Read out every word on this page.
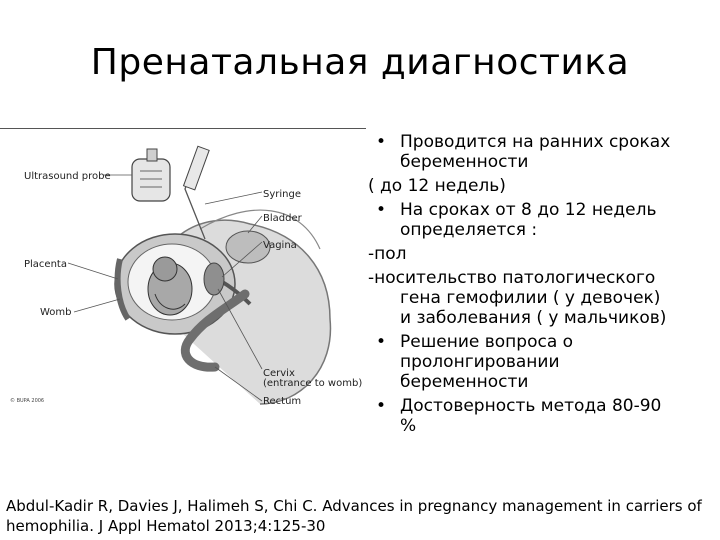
Пренатальная диагностика
Ultrasound probe
Syringe
Bladder
Vagina
Placenta
Womb
Cervix
(entrance to womb)
Rectum
© BUPA 2006
• Проводится на ранних сроках
беременности
( до 12 недель)
• На сроках от 8 до 12 недель
определяется :
-пол
-носительство патологического
гена гемофилии ( у девочек)
и заболевания ( у мальчиков)
• Решение вопроса о
пролонгировании
беременности
• Достоверность метода 80-90
%
Abdul-Kadir R, Davies J, Halimeh S, Chi C. Advances in pregnancy management in carriers of
hemophilia. J Appl Hematol 2013;4:125-30
